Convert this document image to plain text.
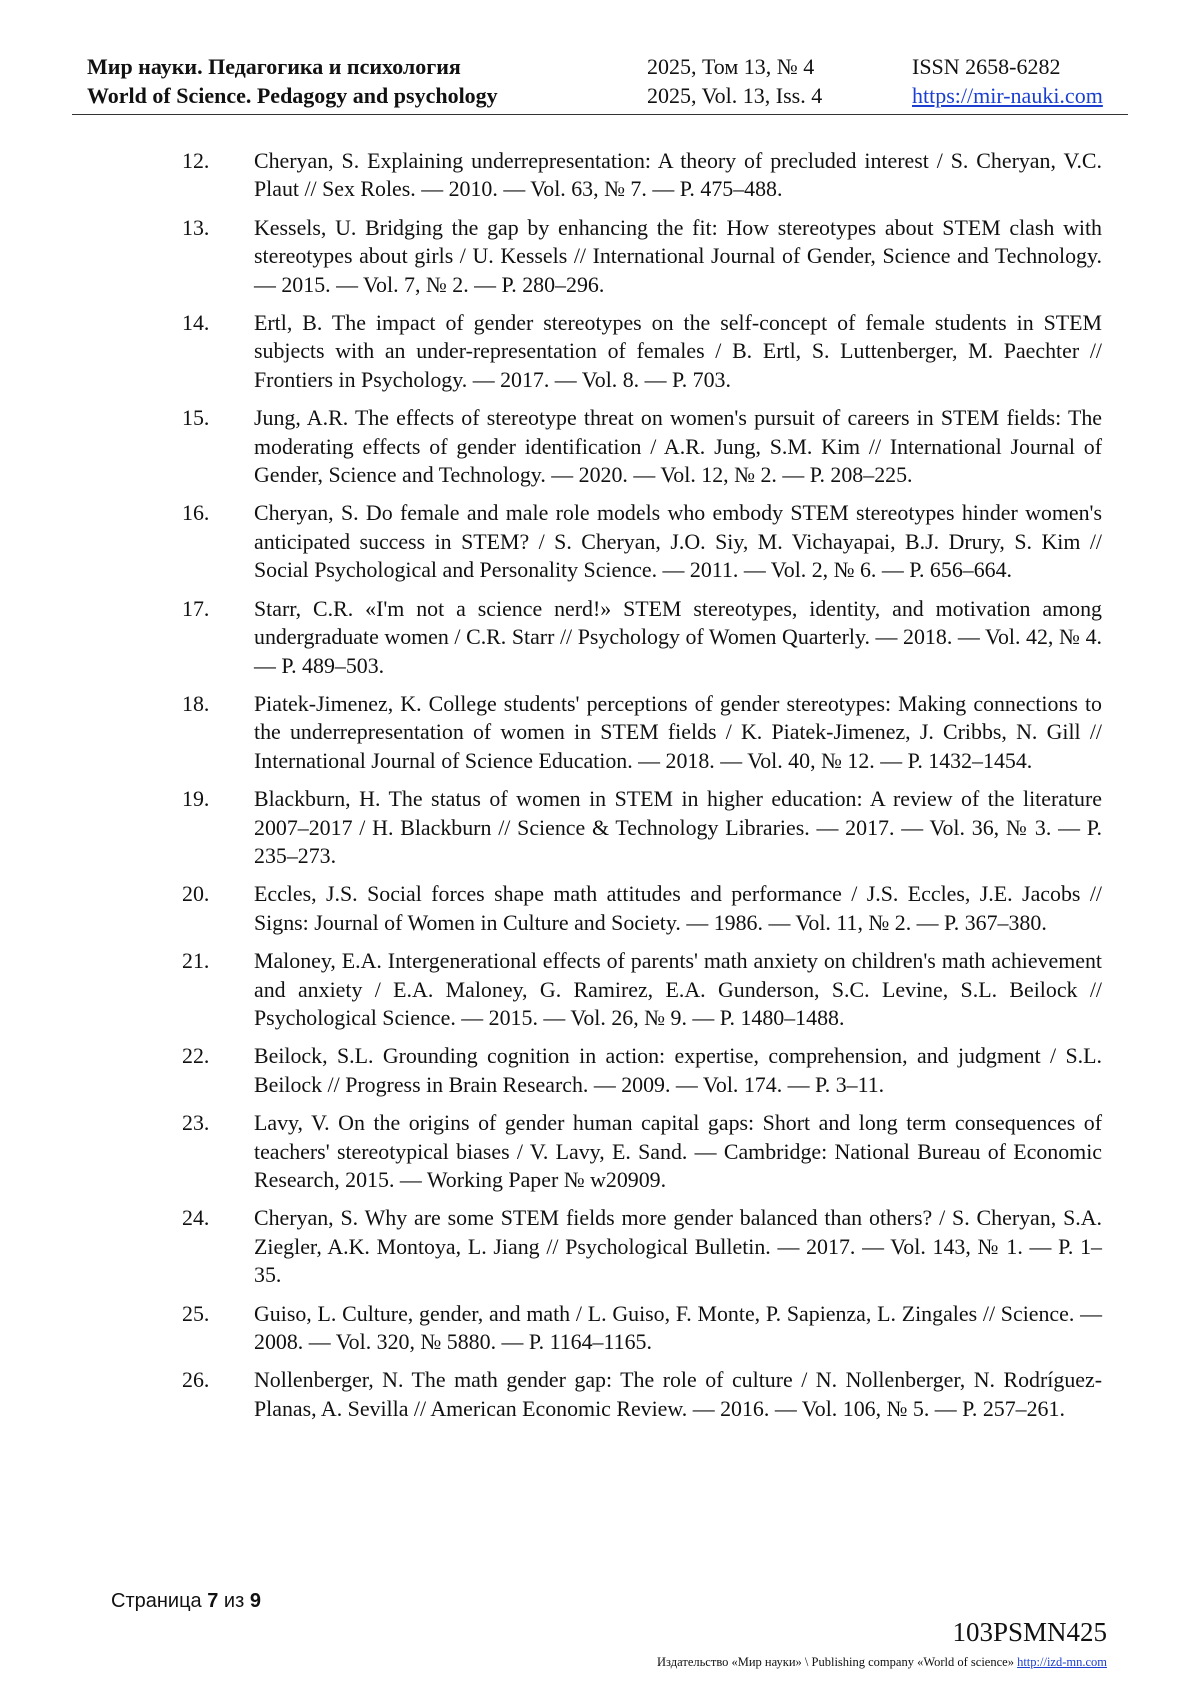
Мир науки. Педагогика и психология
World of Science. Pedagogy and psychology
2025, Том 13, № 4
2025, Vol. 13, Iss. 4
ISSN 2658-6282
https://mir-nauki.com
12.	Cheryan, S. Explaining underrepresentation: A theory of precluded interest / S. Cheryan, V.C. Plaut // Sex Roles. — 2010. — Vol. 63, № 7. — P. 475–488.
13.	Kessels, U. Bridging the gap by enhancing the fit: How stereotypes about STEM clash with stereotypes about girls / U. Kessels // International Journal of Gender, Science and Technology. — 2015. — Vol. 7, № 2. — P. 280–296.
14.	Ertl, B. The impact of gender stereotypes on the self-concept of female students in STEM subjects with an under-representation of females / B. Ertl, S. Luttenberger, M. Paechter // Frontiers in Psychology. — 2017. — Vol. 8. — P. 703.
15.	Jung, A.R. The effects of stereotype threat on women's pursuit of careers in STEM fields: The moderating effects of gender identification / A.R. Jung, S.M. Kim // International Journal of Gender, Science and Technology. — 2020. — Vol. 12, № 2. — P. 208–225.
16.	Cheryan, S. Do female and male role models who embody STEM stereotypes hinder women's anticipated success in STEM? / S. Cheryan, J.O. Siy, M. Vichayapai, B.J. Drury, S. Kim // Social Psychological and Personality Science. — 2011. — Vol. 2, № 6. — P. 656–664.
17.	Starr, C.R. «I'm not a science nerd!» STEM stereotypes, identity, and motivation among undergraduate women / C.R. Starr // Psychology of Women Quarterly. — 2018. — Vol. 42, № 4. — P. 489–503.
18.	Piatek-Jimenez, K. College students' perceptions of gender stereotypes: Making connections to the underrepresentation of women in STEM fields / K. Piatek-Jimenez, J. Cribbs, N. Gill // International Journal of Science Education. — 2018. — Vol. 40, № 12. — P. 1432–1454.
19.	Blackburn, H. The status of women in STEM in higher education: A review of the literature 2007–2017 / H. Blackburn // Science & Technology Libraries. — 2017. — Vol. 36, № 3. — P. 235–273.
20.	Eccles, J.S. Social forces shape math attitudes and performance / J.S. Eccles, J.E. Jacobs // Signs: Journal of Women in Culture and Society. — 1986. — Vol. 11, № 2. — P. 367–380.
21.	Maloney, E.A. Intergenerational effects of parents' math anxiety on children's math achievement and anxiety / E.A. Maloney, G. Ramirez, E.A. Gunderson, S.C. Levine, S.L. Beilock // Psychological Science. — 2015. — Vol. 26, № 9. — P. 1480–1488.
22.	Beilock, S.L. Grounding cognition in action: expertise, comprehension, and judgment / S.L. Beilock // Progress in Brain Research. — 2009. — Vol. 174. — P. 3–11.
23.	Lavy, V. On the origins of gender human capital gaps: Short and long term consequences of teachers' stereotypical biases / V. Lavy, E. Sand. — Cambridge: National Bureau of Economic Research, 2015. — Working Paper № w20909.
24.	Cheryan, S. Why are some STEM fields more gender balanced than others? / S. Cheryan, S.A. Ziegler, A.K. Montoya, L. Jiang // Psychological Bulletin. — 2017. — Vol. 143, № 1. — P. 1–35.
25.	Guiso, L. Culture, gender, and math / L. Guiso, F. Monte, P. Sapienza, L. Zingales // Science. — 2008. — Vol. 320, № 5880. — P. 1164–1165.
26.	Nollenberger, N. The math gender gap: The role of culture / N. Nollenberger, N. Rodríguez-Planas, A. Sevilla // American Economic Review. — 2016. — Vol. 106, № 5. — P. 257–261.
Страница 7 из 9
103PSMN425
Издательство «Мир науки» \ Publishing company «World of science» http://izd-mn.com
